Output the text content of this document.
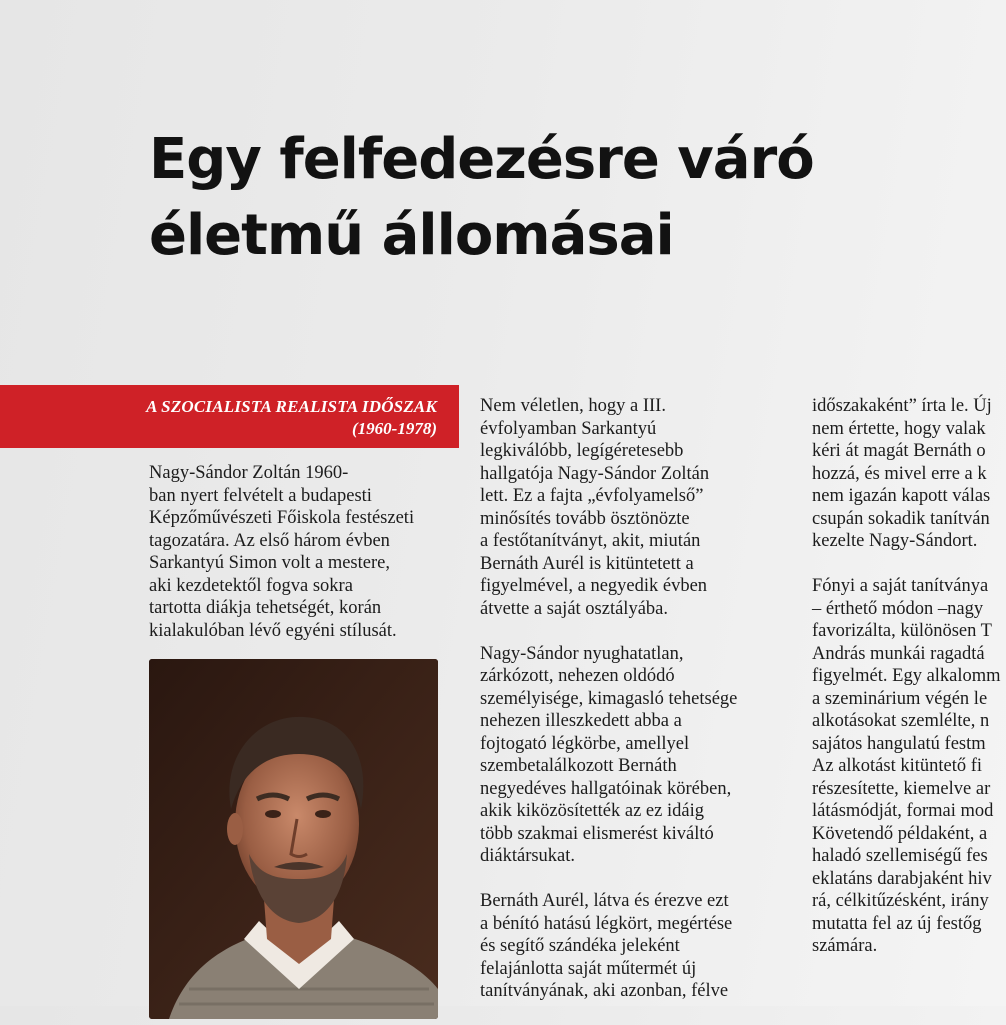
Egy felfedezésre váró
életmű állomásai
A SZOCIALISTA REALISTA IDŐSZAK
(1960-1978)
Nagy-Sándor Zoltán 1960-
ban nyert felvételt a budapesti
Képzőművészeti Főiskola festészeti
tagozatára. Az első három évben
Sarkantyú Simon volt a mestere,
aki kezdetektől fogva sokra
tartotta diákja tehetségét, korán
kialakulóban lévő egyéni stílusát.
Nem véletlen, hogy a III.
évfolyamban Sarkantyú
legkiválóbb, legígéretesebb
hallgatója Nagy-Sándor Zoltán
lett. Ez a fajta „évfolyamelső”
minősítés tovább ösztönözte
a festőtanítványt, akit, miután
Bernáth Aurél is kitüntetett a
figyelmével, a negyedik évben
átvette a saját osztályába.
Nagy-Sándor nyughatatlan,
zárkózott, nehezen oldódó
személyisége, kimagasló tehetsége
nehezen illeszkedett abba a
fojtogató légkörbe, amellyel
szembetalálkozott Bernáth
negyedéves hallgatóinak körében,
akik kiközösítették az ez idáig
több szakmai elismerést kiváltó
diáktársukat.
Bernáth Aurél, látva és érezve ezt
a bénító hatású légkört, megértése
és segítő szándéka jeleként
felajánlotta saját műtermét új
tanítványának, aki azonban, félve
időszakaként” írta le. Új
nem értette, hogy valak
kéri át magát Bernáth o
hozzá, és mivel erre a k
nem igazán kapott válas
csupán sokadik tanítván
kezelte Nagy-Sándort.
Fónyi a saját tanítványa
– érthető módon –nagy
favorizálta, különösen T
András munkái ragadtá
figyelmét. Egy alkalomm
a szeminárium végén le
alkotásokat szemlélte, n
sajátos hangulatú festm
Az alkotást kitüntető fi
részesítette, kiemelve ar
látásmódját, formai mod
Követendő példaként, a
haladó szellemiségű fes
eklatáns darabjaként hiv
rá, célkitűzésként, irány
mutatta fel az új festőg
számára.
